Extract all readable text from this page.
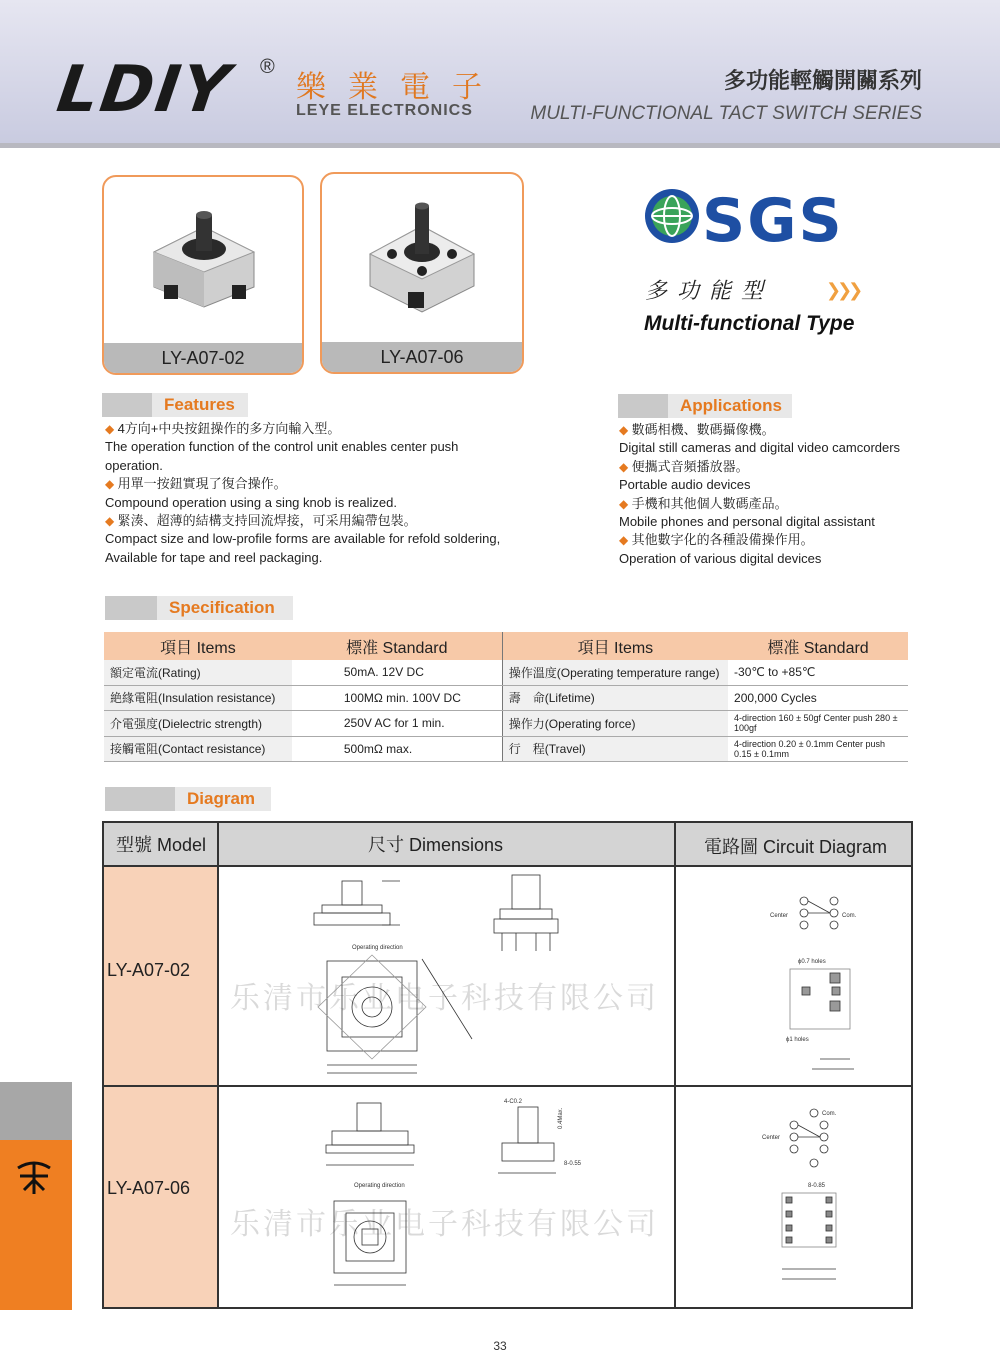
LDIY ®
樂業電子
LEYE ELECTRONICS
多功能輕觸開關系列
MULTI-FUNCTIONAL TACT SWITCH SERIES
LY-A07-02	LY-A07-06
SGS
多功能型	❯❯❯
Multi-functional Type
Features
◆ 4方向+中央按鈕操作的多方向輸入型。
The operation function of the control unit enables center push
operation.
◆ 用單一按鈕實現了復合操作。
Compound operation using a sing knob is realized.
◆ 緊湊、超薄的結構支持回流焊接，可采用編帶包裝。
Compact size and low-profile forms are available for refold soldering,
Available for tape and reel packaging.
Applications
◆ 數碼相機、數碼攝像機。
Digital still cameras and digital video camcorders
◆ 便攜式音頻播放器。
Portable audio devices
◆ 手機和其他個人數碼產品。
Mobile phones and personal digital assistant
◆ 其他數字化的各種設備操作用。
Operation of various digital devices
Specification
項目 Items	標准 Standard	項目 Items	標准 Standard
額定電流(Rating)	50mA. 12V DC	操作溫度(Operating temperature range)	-30℃ to +85℃
絶緣電阻(Insulation resistance)	100MΩ min. 100V DC	壽　命(Lifetime)	200,000 Cycles
介電强度(Dielectric strength)	250V AC for 1 min.	操作力(Operating force)	4-direction 160 ± 50gf Center push 280 ± 100gf
接觸電阻(Contact resistance)	500mΩ max.	行　程(Travel)	4-direction 0.20 ± 0.1mm Center push 0.15 ± 0.1mm
Diagram
型號 Model	尺寸 Dimensions	電路圖 Circuit Diagram
LY-A07-02
LY-A07-06
乐清市乐业电子科技有限公司
乐清市乐业电子科技有限公司
Operating direction
Center	Com.
ϕ0.7 holes
ϕ1 holes
4-C0.2
8-0.55
0.4Max.
Operating direction
Center
Com.
8-0.85
33
